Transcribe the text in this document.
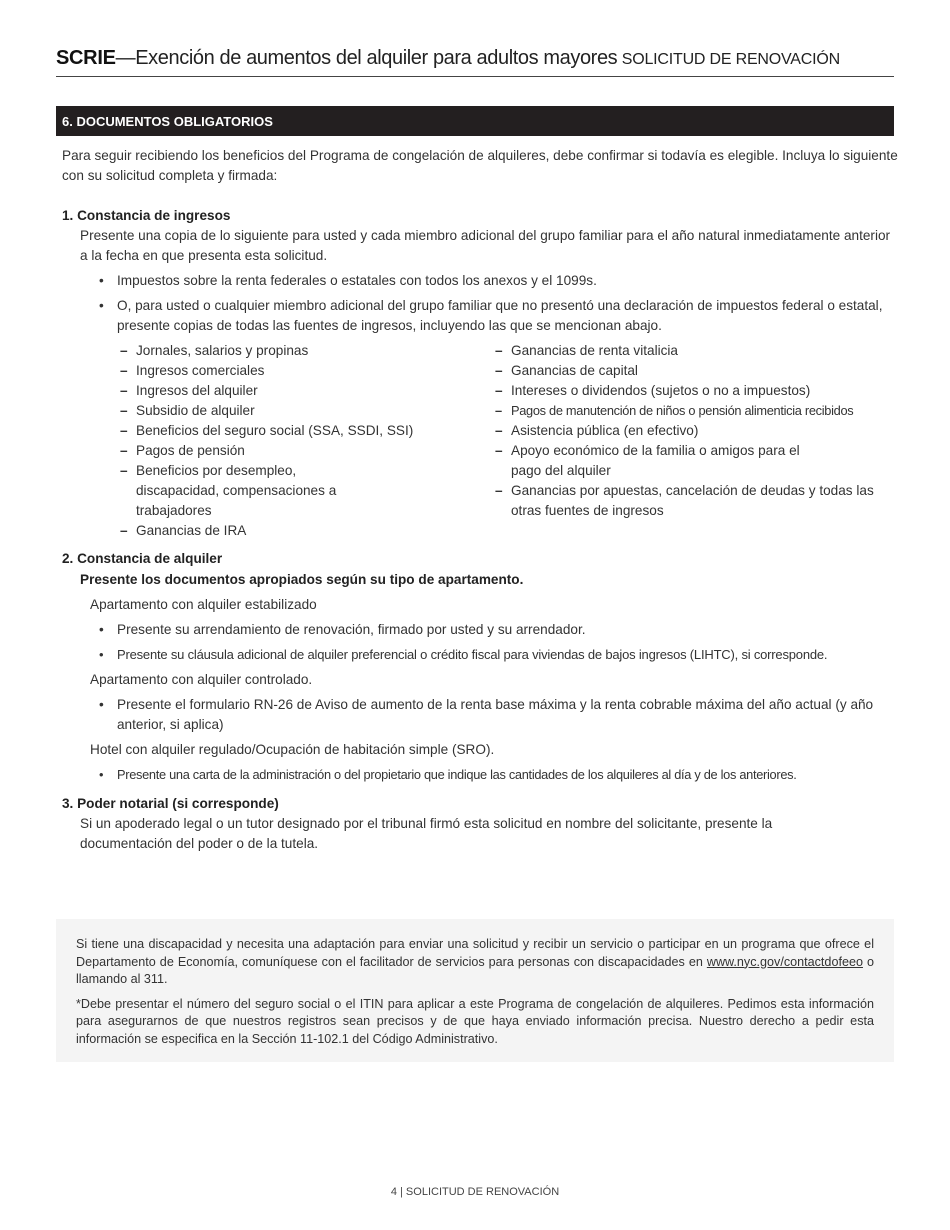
SCRIE—Exención de aumentos del alquiler para adultos mayores SOLICITUD DE RENOVACIÓN
6. DOCUMENTOS OBLIGATORIOS

Para seguir recibiendo los beneficios del Programa de congelación de alquileres, debe confirmar si todavía es elegible. Incluya lo siguiente con su solicitud completa y firmada:

1. Constancia de ingresos

Presente una copia de lo siguiente para usted y cada miembro adicional del grupo familiar para el año natural inmediatamente anterior a la fecha en que presenta esta solicitud.

• Impuestos sobre la renta federales o estatales con todos los anexos y el 1099s.
• O, para usted o cualquier miembro adicional del grupo familiar que no presentó una declaración de impuestos federal o estatal, presente copias de todas las fuentes de ingresos, incluyendo las que se mencionan abajo.
– Jornales, salarios y propinas
– Ingresos comerciales
– Ingresos del alquiler
– Subsidio de alquiler
– Beneficios del seguro social (SSA, SSDI, SSI)
– Pagos de pensión
– Beneficios por desempleo, discapacidad, compensaciones a trabajadores
– Ganancias de IRA
– Ganancias de renta vitalicia
– Ganancias de capital
– Intereses o dividendos (sujetos o no a impuestos)
– Pagos de manutención de niños o pensión alimenticia recibidos
– Asistencia pública (en efectivo)
– Apoyo económico de la familia o amigos para el pago del alquiler
– Ganancias por apuestas, cancelación de deudas y todas las otras fuentes de ingresos

2. Constancia de alquiler

Presente los documentos apropiados según su tipo de apartamento.

Apartamento con alquiler estabilizado

• Presente su arrendamiento de renovación, firmado por usted y su arrendador.
• Presente su cláusula adicional de alquiler preferencial o crédito fiscal para viviendas de bajos ingresos (LIHTC), si corresponde.

Apartamento con alquiler controlado.

• Presente el formulario RN-26 de Aviso de aumento de la renta base máxima y la renta cobrable máxima del año actual (y año anterior, si aplica)

Hotel con alquiler regulado/Ocupación de habitación simple (SRO).

• Presente una carta de la administración o del propietario que indique las cantidades de los alquileres al día y de los anteriores.

3. Poder notarial (si corresponde)

Si un apoderado legal o un tutor designado por el tribunal firmó esta solicitud en nombre del solicitante, presente la documentación del poder o de la tutela.

Si tiene una discapacidad y necesita una adaptación para enviar una solicitud y recibir un servicio o participar en un programa que ofrece el Departamento de Economía, comuníquese con el facilitador de servicios para personas con discapacidades en www.nyc.gov/contactdofeeo o llamando al 311.

*Debe presentar el número del seguro social o el ITIN para aplicar a este Programa de congelación de alquileres. Pedimos esta información para asegurarnos de que nuestros registros sean precisos y de que haya enviado información precisa. Nuestro derecho a pedir esta información se especifica en la Sección 11-102.1 del Código Administrativo.

4 | SOLICITUD DE RENOVACIÓN
